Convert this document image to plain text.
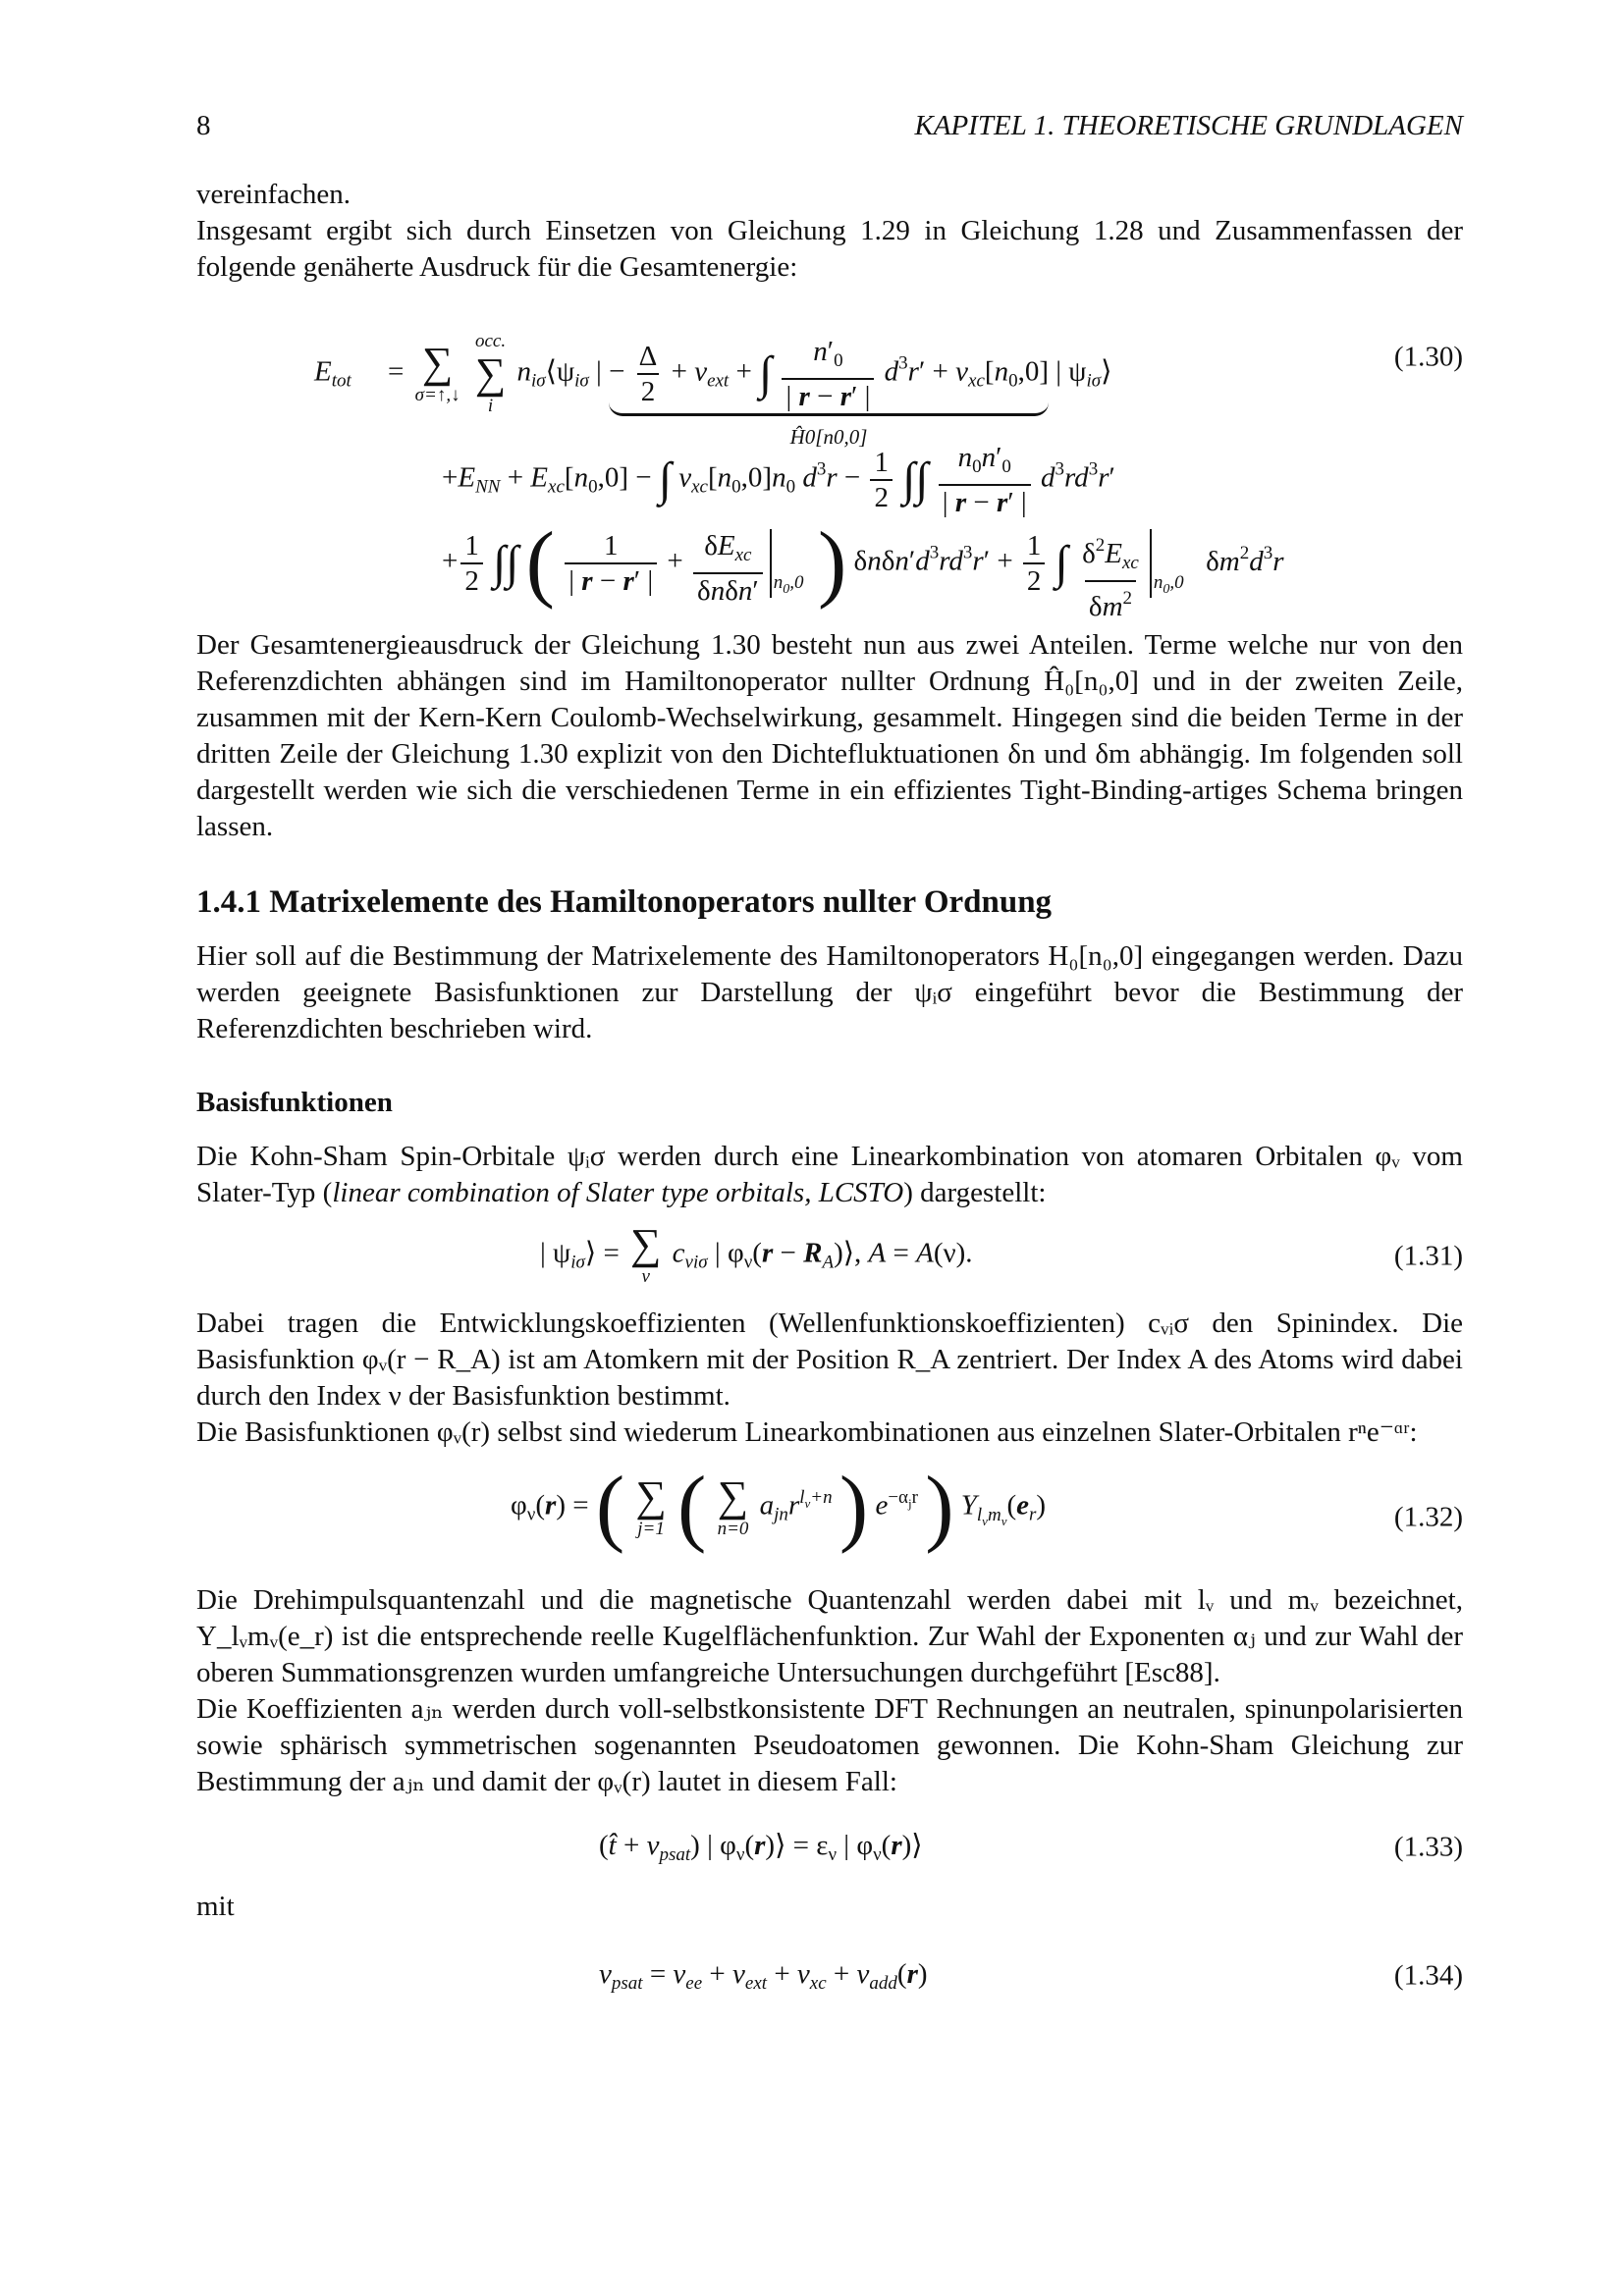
8	KAPITEL 1. THEORETISCHE GRUNDLAGEN

vereinfachen.

Insgesamt ergibt sich durch Einsetzen von Gleichung 1.29 in Gleichung 1.28 und Zusammenfassen der folgende genäherte Ausdruck für die Gesamtenergie:

$E_{tot}$ = ∑
σ=↑,↓

occ.
∑
i
$n_{i\sigma}⟨\psi_{i\sigma}$ | − $\frac{\Delta}{2} + v_{ext}$ + ∫ $\frac{n'_0}{| r - r' |} d^3r' + v_{xc}[n_0,0]$
Ĥ0[n0,0]
| $\psi_{i\sigma}⟩$	(1.30)
$+E_{NN} + E_{xc}[n_0,0]$ − ∫ $v_{xc}[n_0,0]n_0$ $d^3r - \frac{1}{2}$ ∫∫ $\frac{n_0n'_0}{| r - r' |} d^3rd^3r'$
+ $\frac{1}{2}$ ∫∫ ( $\frac{1}{| r - r' |} + \frac{\delta E_{xc}}{\text{δnδn′}} n_0,0$ ) $\delta n\delta n'd^3rd^3r' + \frac{1}{2}$ ∫ $\frac{\delta^2E_{xc}}{\delta m^2} n_0,0$
$\delta m^2d^3r$

Der Gesamtenergieausdruck der Gleichung 1.30 besteht nun aus zwei Anteilen. Terme welche nur von den Referenzdichten abhängen sind im Hamiltonoperator nullter Ordnung Ĥ₀[n₀,0] und in der zweiten Zeile, zusammen mit der Kern-Kern Coulomb-Wechselwirkung, gesammelt. Hingegen sind die beiden Terme in der dritten Zeile der Gleichung 1.30 explizit von den Dichtefluktuationen δn und δm abhängig. Im folgenden soll dargestellt werden wie sich die verschiedenen Terme in ein effizientes Tight-Binding-artiges Schema bringen lassen.

1.4.1 Matrixelemente des Hamiltonoperators nullter Ordnung

Hier soll auf die Bestimmung der Matrixelemente des Hamiltonoperators H₀[n₀,0] eingegangen werden. Dazu werden geeignete Basisfunktionen zur Darstellung der ψᵢσ eingeführt bevor die Bestimmung der Referenzdichten beschrieben wird.

Basisfunktionen

Die Kohn-Sham Spin-Orbitale ψᵢσ werden durch eine Linearkombination von atomaren Orbitalen φᵥ vom Slater-Typ (linear combination of Slater type orbitals, LCSTO) dargestellt:

| $\psi_{i\sigma}⟩$ = ∑
ν
$c_{\nu i\sigma}$ | $\varphi_\nu(r$ − $R_A)⟩$, A = A(ν).	(1.31)

Dabei tragen die Entwicklungskoeffizienten (Wellenfunktionskoeffizienten) cᵥᵢσ den Spinindex. Die Basisfunktion φᵥ(r − R_A) ist am Atomkern mit der Position R_A zentriert. Der Index A des Atoms wird dabei durch den Index ν der Basisfunktion bestimmt.

Die Basisfunktionen φᵥ(r) selbst sind wiederum Linearkombinationen aus einzelnen Slater-Orbitalen rⁿe⁻ᵅʳ:

$\varphi_\nu(r)$ = ( ∑
j=1 ( ∑
n=0
$a_{jn}r^{l_\nu+n}$ ) $e^{-\alpha_jr}$ ) $Y_{l_\nu m_\nu}(e_r)$	(1.32)

Die Drehimpulsquantenzahl und die magnetische Quantenzahl werden dabei mit lᵥ und mᵥ bezeichnet, Y_lᵥmᵥ(e_r) ist die entsprechende reelle Kugelflächenfunktion. Zur Wahl der Exponenten αⱼ und zur Wahl der oberen Summationsgrenzen wurden umfangreiche Untersuchungen durchgeführt [Esc88].

Die Koeffizienten aⱼₙ werden durch voll-selbstkonsistente DFT Rechnungen an neutralen, spinunpolarisierten sowie sphärisch symmetrischen sogenannten Pseudoatomen gewonnen. Die Kohn-Sham Gleichung zur Bestimmung der aⱼₙ und damit der φᵥ(r) lautet in diesem Fall:

(t̂ + $v_{psat}$) | $\varphi_\nu(r)⟩ = \varepsilon_\nu$ | $\varphi_\nu(r)⟩$	(1.33)

mit

$v_{psat} = v_{ee} + v_{ext} + v_{xc} + v_{add}(r)$	(1.34)
